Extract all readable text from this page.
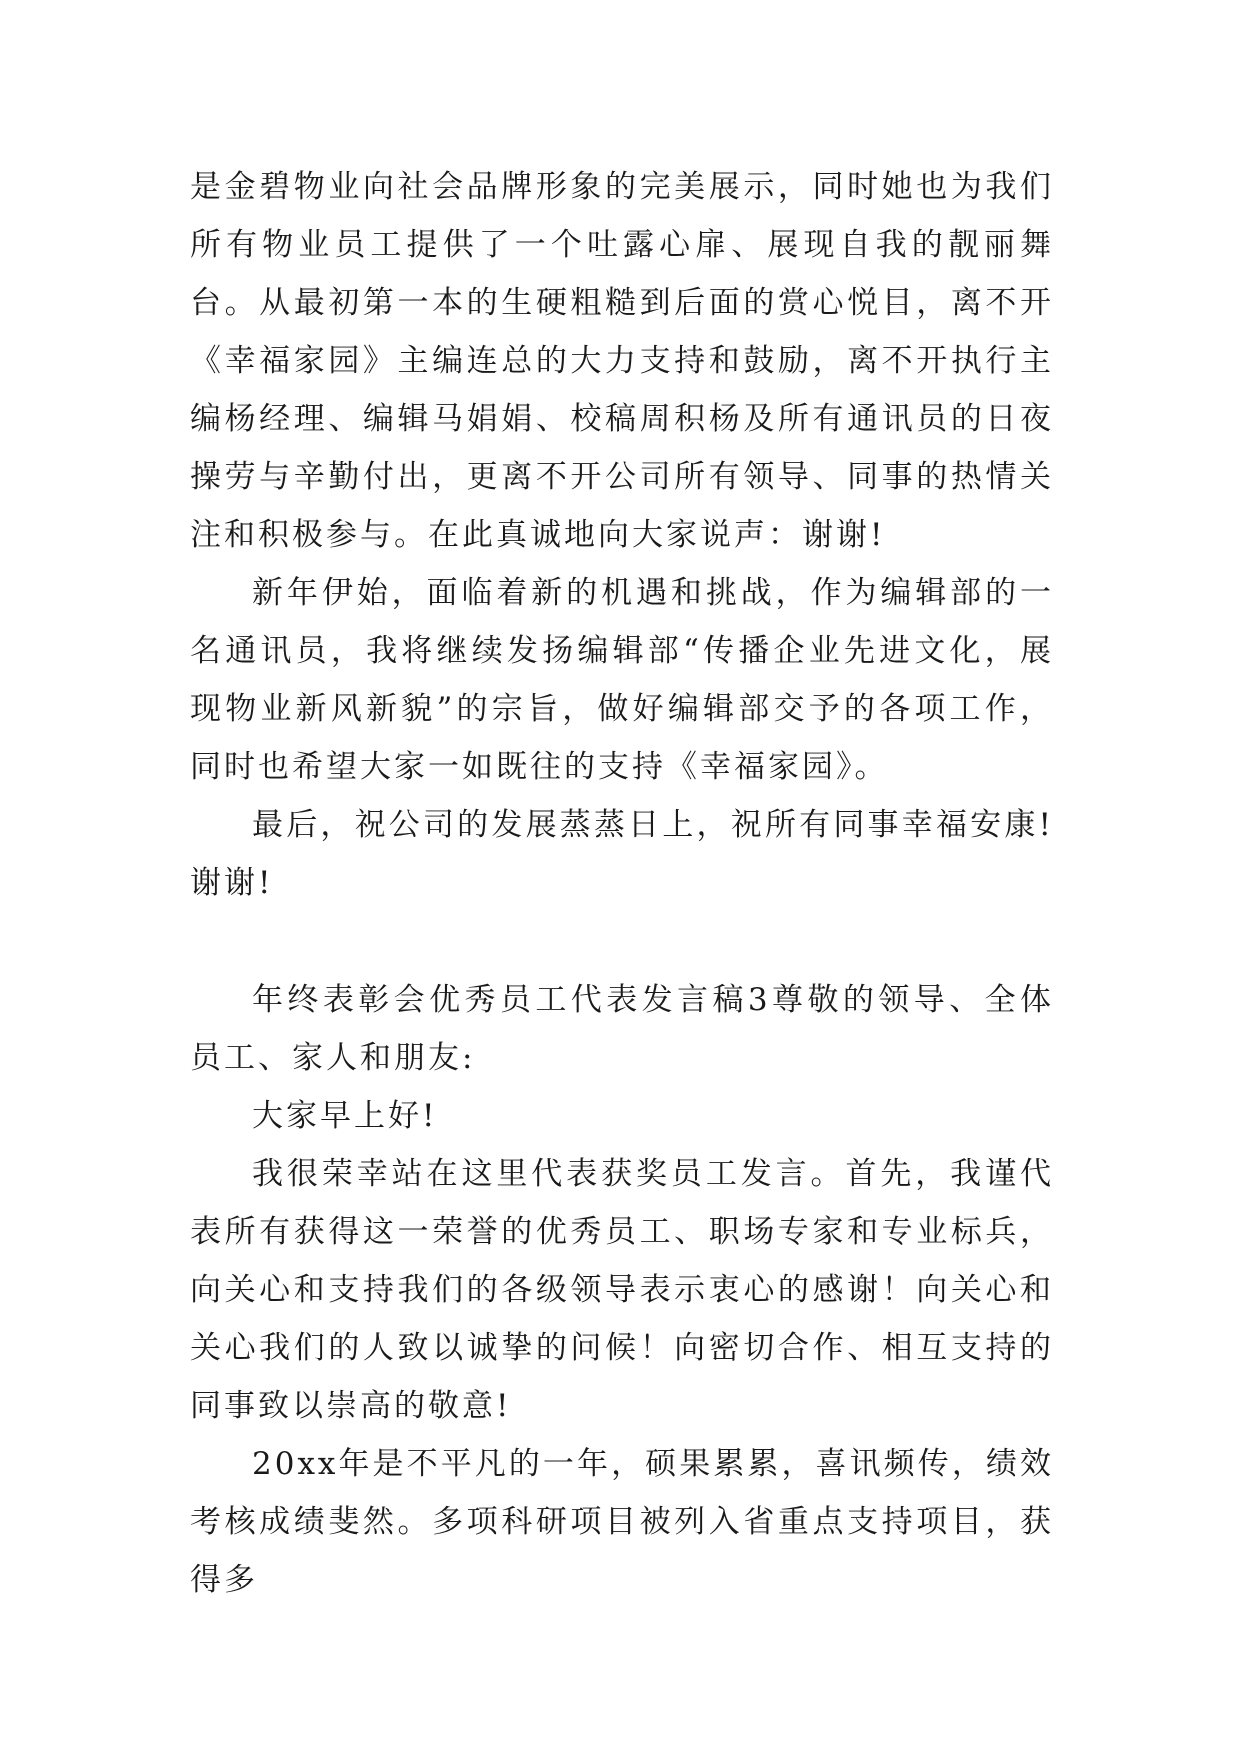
是金碧物业向社会品牌形象的完美展示，同时她也为我们所有物业员工提供了一个吐露心扉、展现自我的靓丽舞台。从最初第一本的生硬粗糙到后面的赏心悦目，离不开《幸福家园》主编连总的大力支持和鼓励，离不开执行主编杨经理、编辑马娟娟、校稿周积杨及所有通讯员的日夜操劳与辛勤付出，更离不开公司所有领导、同事的热情关注和积极参与。在此真诚地向大家说声：谢谢!

新年伊始，面临着新的机遇和挑战，作为编辑部的一名通讯员，我将继续发扬编辑部“传播企业先进文化，展现物业新风新貌”的宗旨，做好编辑部交予的各项工作，同时也希望大家一如既往的支持《幸福家园》。

最后，祝公司的发展蒸蒸日上，祝所有同事幸福安康!谢谢!

年终表彰会优秀员工代表发言稿3尊敬的领导、全体员工、家人和朋友:

大家早上好!

我很荣幸站在这里代表获奖员工发言。首先，我谨代表所有获得这一荣誉的优秀员工、职场专家和专业标兵，向关心和支持我们的各级领导表示衷心的感谢！向关心和关心我们的人致以诚挚的问候！向密切合作、相互支持的同事致以崇高的敬意!

20xx年是不平凡的一年，硕果累累，喜讯频传，绩效考核成绩斐然。多项科研项目被列入省重点支持项目，获得多
